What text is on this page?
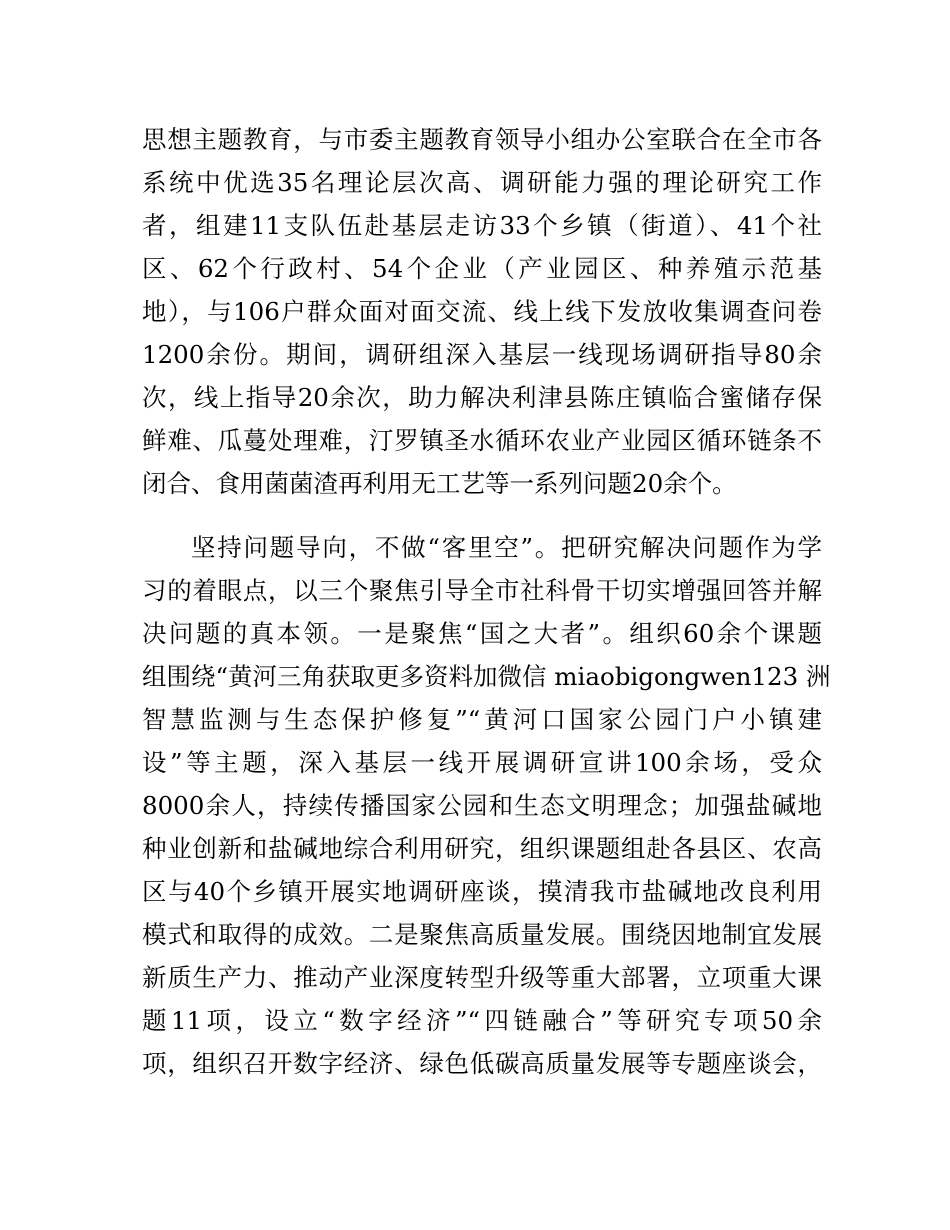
思想主题教育，与市委主题教育领导小组办公室联合在全市各
系统中优选35名理论层次高、调研能力强的理论研究工作
者，组建11支队伍赴基层走访33个乡镇（街道）、41个社
区、62个行政村、54个企业（产业园区、种养殖示范基
地），与106户群众面对面交流、线上线下发放收集调查问卷
1200余份。期间，调研组深入基层一线现场调研指导80余
次，线上指导20余次，助力解决利津县陈庄镇临合蜜储存保
鲜难、瓜蔓处理难，汀罗镇圣水循环农业产业园区循环链条不
闭合、食用菌菌渣再利用无工艺等一系列问题20余个。
坚持问题导向，不做“客里空”。把研究解决问题作为学
习的着眼点，以三个聚焦引导全市社科骨干切实增强回答并解
决问题的真本领。一是聚焦“国之大者”。组织60余个课题
组围绕“黄河三角获取更多资料加微信 miaobigongwen123 洲
智慧监测与生态保护修复”“黄河口国家公园门户小镇建
设”等主题，深入基层一线开展调研宣讲100余场，受众
8000余人，持续传播国家公园和生态文明理念；加强盐碱地
种业创新和盐碱地综合利用研究，组织课题组赴各县区、农高
区与40个乡镇开展实地调研座谈，摸清我市盐碱地改良利用
模式和取得的成效。二是聚焦高质量发展。围绕因地制宜发展
新质生产力、推动产业深度转型升级等重大部署，立项重大课
题11项，设立“数字经济”“四链融合”等研究专项50余
项，组织召开数字经济、绿色低碳高质量发展等专题座谈会，
